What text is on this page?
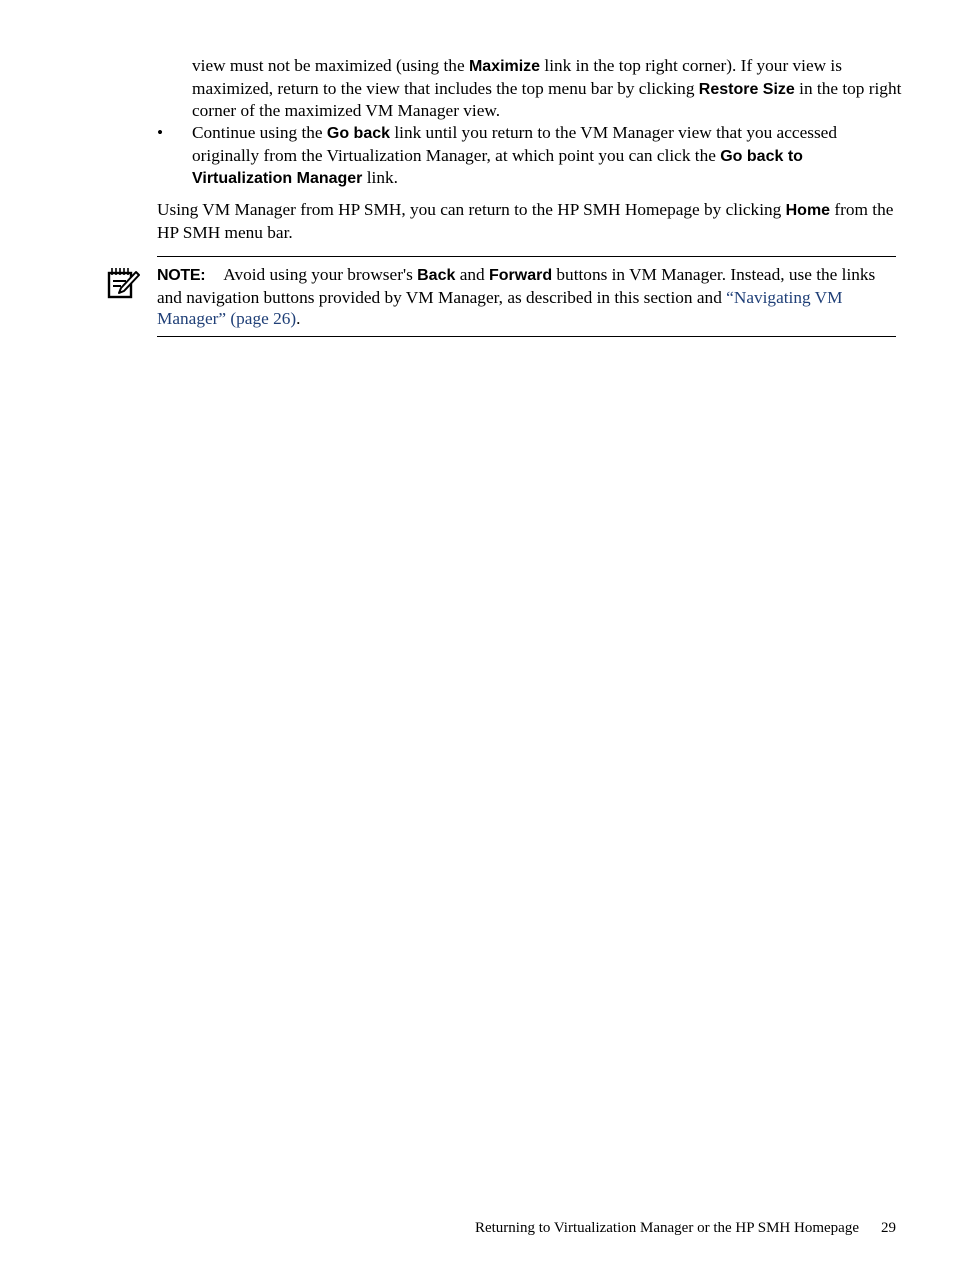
view must not be maximized (using the Maximize link in the top right corner). If your view is maximized, return to the view that includes the top menu bar by clicking Restore Size in the top right corner of the maximized VM Manager view.

•	Continue using the Go back link until you return to the VM Manager view that you accessed originally from the Virtualization Manager, at which point you can click the Go back to Virtualization Manager link.

Using VM Manager from HP SMH, you can return to the HP SMH Homepage by clicking Home from the HP SMH menu bar.

NOTE: Avoid using your browser's Back and Forward buttons in VM Manager. Instead, use the links and navigation buttons provided by VM Manager, as described in this section and “Navigating VM Manager” (page 26).
Returning to Virtualization Manager or the HP SMH Homepage 29
